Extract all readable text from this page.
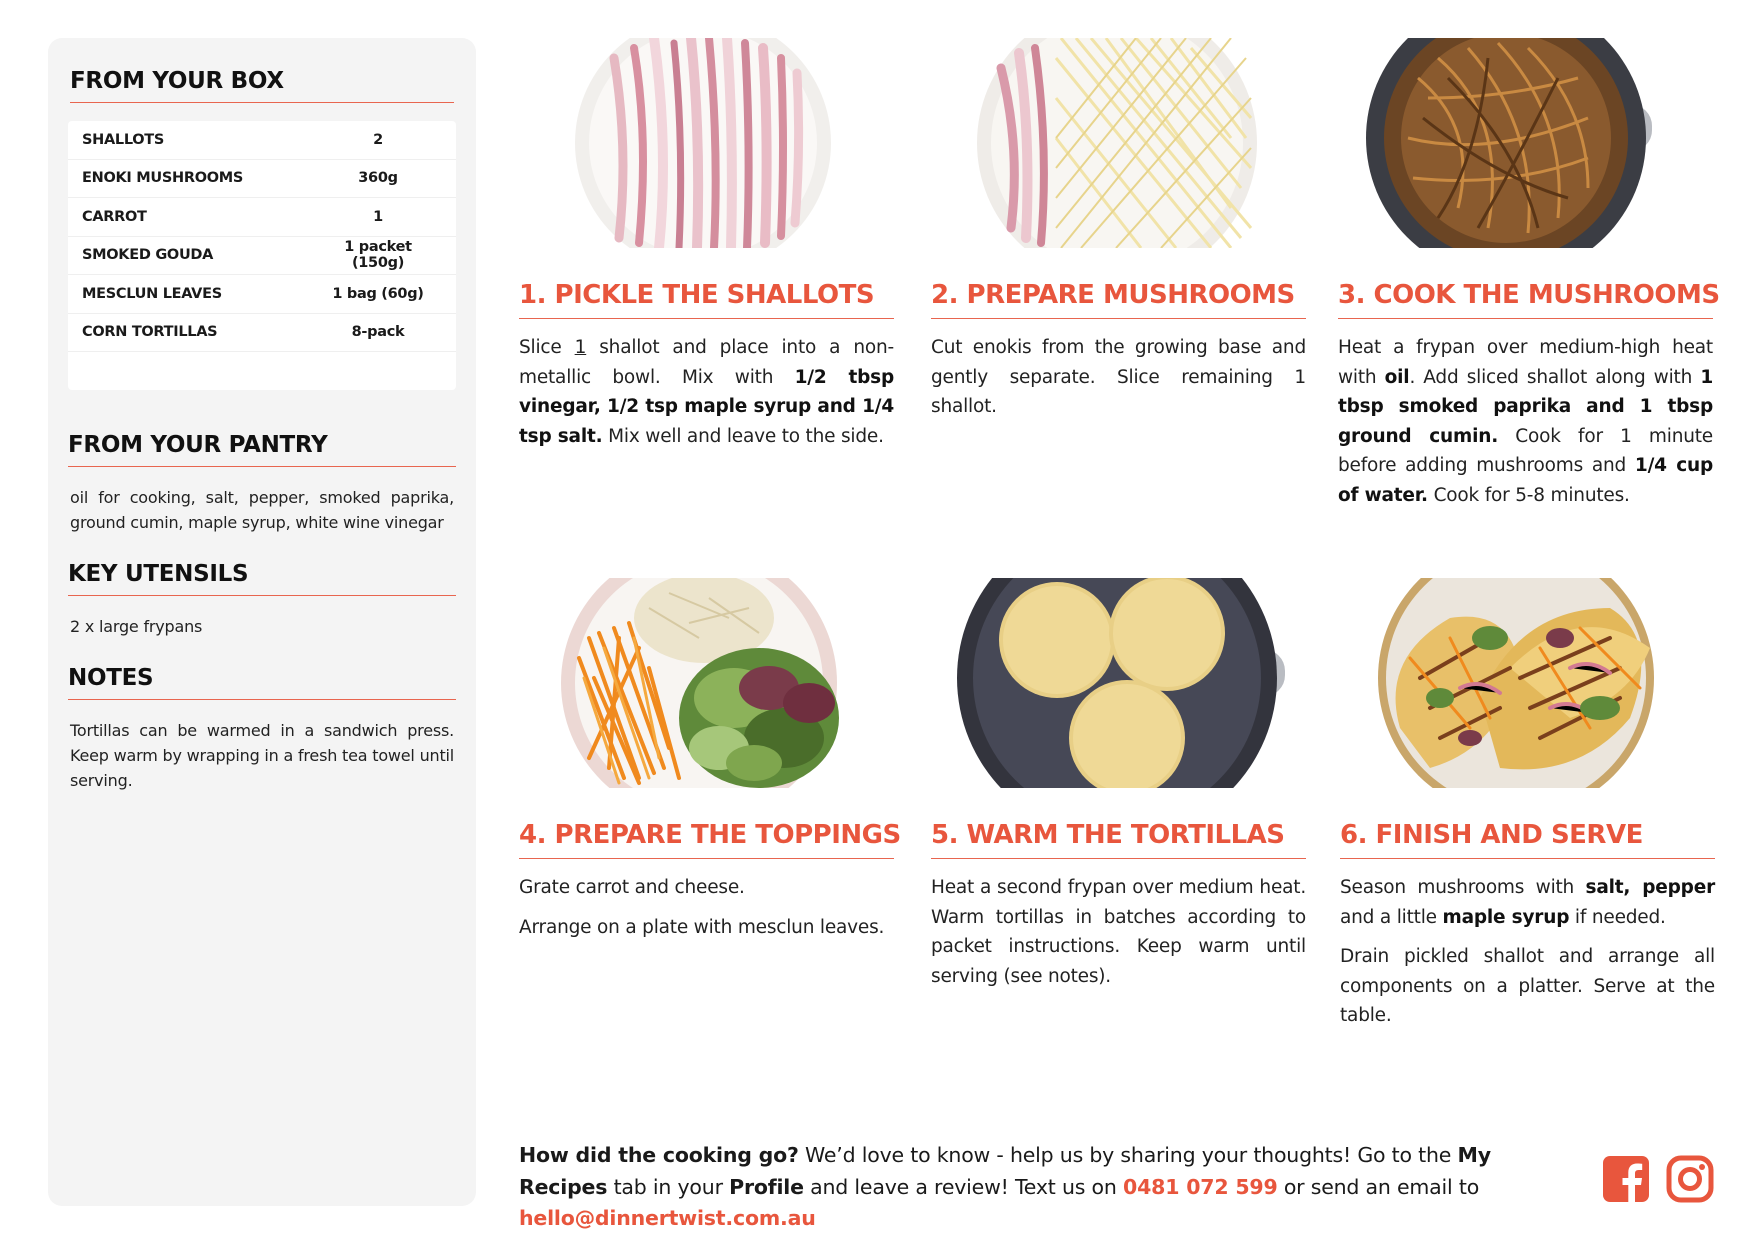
FROM YOUR BOX
SHALLOTS	2
ENOKI MUSHROOMS	360g
CARROT	1
SMOKED GOUDA	1 packet (150g)
MESCLUN LEAVES	1 bag (60g)
CORN TORTILLAS	8-pack
FROM YOUR PANTRY
oil for cooking, salt, pepper, smoked paprika, ground cumin, maple syrup, white wine vinegar
KEY UTENSILS
2 x large frypans
NOTES
Tortillas can be warmed in a sandwich press. Keep warm by wrapping in a fresh tea towel until serving.
1. PICKLE THE SHALLOTS

Slice 1 shallot and place into a non-metallic bowl. Mix with 1/2 tbsp vinegar, 1/2 tsp maple syrup and 1/4 tsp salt. Mix well and leave to the side.

2. PREPARE MUSHROOMS

Cut enokis from the growing base and gently separate. Slice remaining 1 shallot.

3. COOK THE MUSHROOMS

Heat a frypan over medium-high heat with oil. Add sliced shallot along with 1 tbsp smoked paprika and 1 tbsp ground cumin. Cook for 1 minute before adding mushrooms and 1/4 cup of water. Cook for 5-8 minutes.

4. PREPARE THE TOPPINGS

Grate carrot and cheese.

Arrange on a plate with mesclun leaves.

5. WARM THE TORTILLAS

Heat a second frypan over medium heat. Warm tortillas in batches according to packet instructions. Keep warm until serving (see notes).

6. FINISH AND SERVE

Season mushrooms with salt, pepper and a little maple syrup if needed.

Drain pickled shallot and arrange all components on a platter. Serve at the table.

How did the cooking go? We’d love to know - help us by sharing your thoughts! Go to the My Recipes tab in your Profile and leave a review! Text us on 0481 072 599 or send an email to hello@dinnertwist.com.au
